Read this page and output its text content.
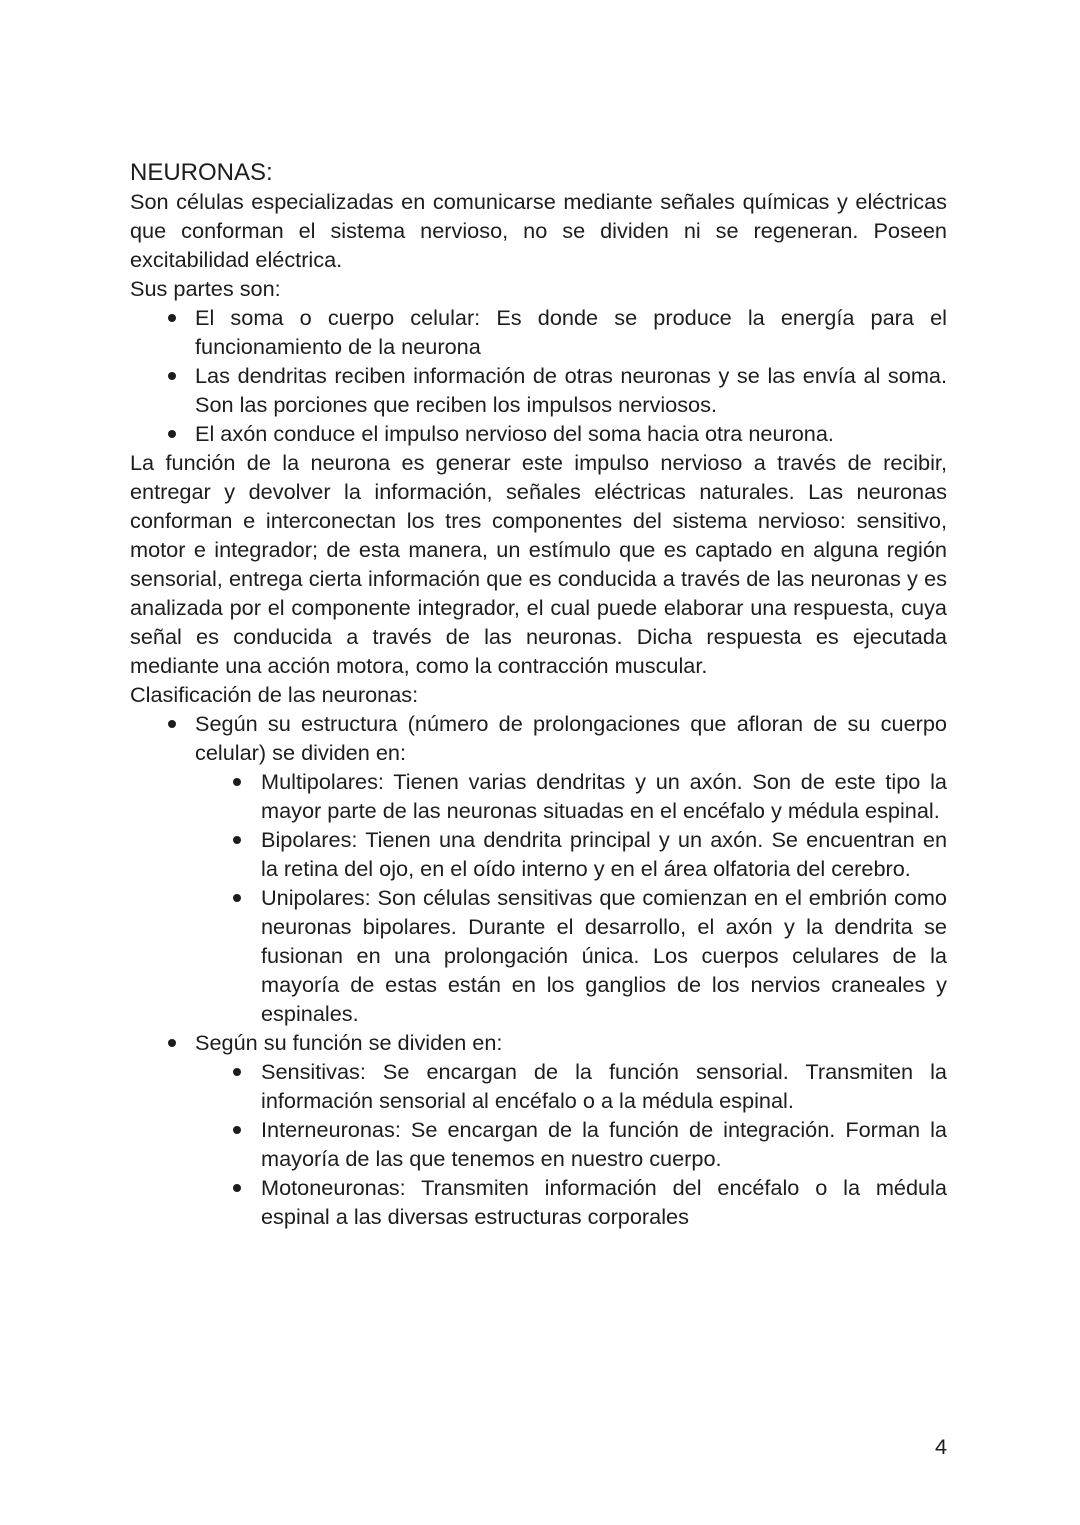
NEURONAS:
Son células especializadas en comunicarse mediante señales químicas y eléctricas que conforman el sistema nervioso, no se dividen ni se regeneran. Poseen excitabilidad eléctrica.
Sus partes son:
El soma o cuerpo celular: Es donde se produce la energía para el funcionamiento de la neurona
Las dendritas reciben información de otras neuronas y se las envía al soma. Son las porciones que reciben los impulsos nerviosos.
El axón conduce el impulso nervioso del soma hacia otra neurona.
La función de la neurona es generar este impulso nervioso a través de recibir, entregar y devolver la información, señales eléctricas naturales. Las neuronas conforman e interconectan los tres componentes del sistema nervioso: sensitivo, motor e integrador; de esta manera, un estímulo que es captado en alguna región sensorial, entrega cierta información que es conducida a través de las neuronas y es analizada por el componente integrador, el cual puede elaborar una respuesta, cuya señal es conducida a través de las neuronas. Dicha respuesta es ejecutada mediante una acción motora, como la contracción muscular.
Clasificación de las neuronas:
Según su estructura (número de prolongaciones que afloran de su cuerpo celular) se dividen en:
Multipolares: Tienen varias dendritas y un axón. Son de este tipo la mayor parte de las neuronas situadas en el encéfalo y médula espinal.
Bipolares: Tienen una dendrita principal y un axón. Se encuentran en la retina del ojo, en el oído interno y en el área olfatoria del cerebro.
Unipolares: Son células sensitivas que comienzan en el embrión como neuronas bipolares. Durante el desarrollo, el axón y la dendrita se fusionan en una prolongación única. Los cuerpos celulares de la mayoría de estas están en los ganglios de los nervios craneales y espinales.
Según su función se dividen en:
Sensitivas: Se encargan de la función sensorial. Transmiten la información sensorial al encéfalo o a la médula espinal.
Interneuronas: Se encargan de la función de integración. Forman la mayoría de las que tenemos en nuestro cuerpo.
Motoneuronas: Transmiten información del encéfalo o la médula espinal a las diversas estructuras corporales
4
